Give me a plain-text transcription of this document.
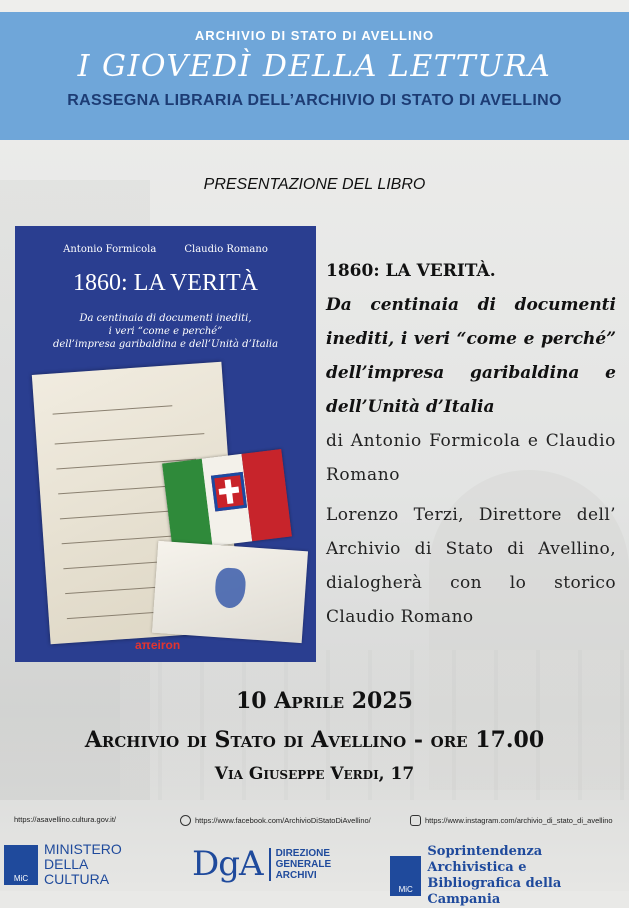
ARCHIVIO DI STATO DI AVELLINO
I GIOVEDÌ DELLA LETTURA
RASSEGNA LIBRARIA DELL’ARCHIVIO DI STATO DI AVELLINO
PRESENTAZIONE DEL LIBRO
Antonio Formicola	Claudio Romano
1860: LA VERITÀ
Da centinaia di documenti inediti,
i veri “come e perché”
dell’impresa garibaldina e dell’Unità d’Italia
aπeiron
1860: LA VERITÀ.
Da centinaia di documenti inediti, i veri “come e perché” dell’impresa garibaldina e dell’Unità d’Italia
di Antonio Formicola e Claudio Romano
Lorenzo Terzi, Direttore dell’ Archivio di Stato di Avellino, dialogherà con lo storico Claudio Romano
10 Aprile 2025
Archivio di Stato di Avellino - ore 17.00
Via Giuseppe Verdi, 17
https://asavellino.cultura.gov.it/	https://www.facebook.com/ArchivioDiStatoDiAvellino/	https://www.instagram.com/archivio_di_stato_di_avellino
MiC
MINISTERO
DELLA
CULTURA	DgA DIREZIONE
GENERALE
ARCHIVI
MiC
Soprintendenza Archivistica e
Bibliografica della Campania
